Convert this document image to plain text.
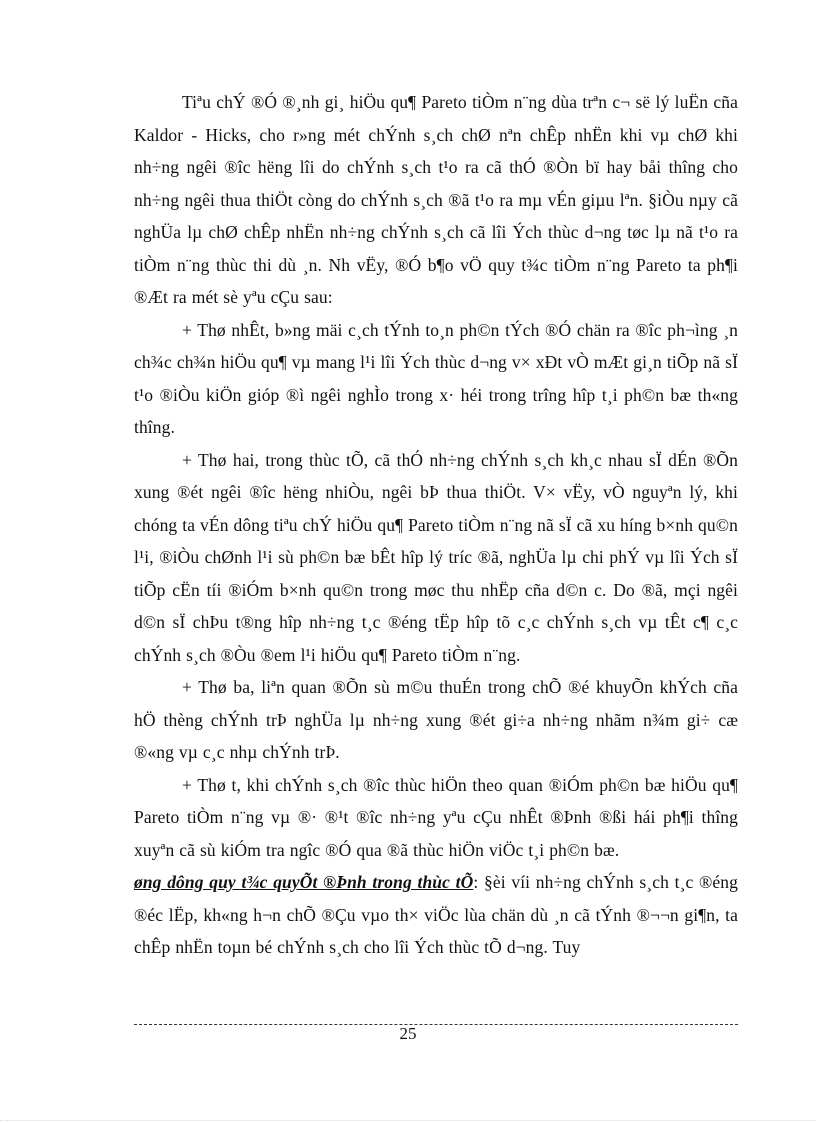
Tiªu chÝ ®Ó ®¸nh gi¸ hiÖu qu¶ Pareto tiÒm n¨ng dùa trªn c¬ së lý luËn cña Kaldor - Hicks, cho r»ng mét chÝnh s¸ch chØ nªn chÊp nhËn khi vµ chØ khi nh÷ng ngêi ®îc hëng lîi do chÝnh s¸ch t¹o ra cã thÓ ®Òn bï hay båi thîng cho nh÷ng ngêi thua thiÖt còng do chÝnh s¸ch ®ã t¹o ra mµ vÉn giµu lªn. §iÒu nµy cã nghÜa lµ chØ chÊp nhËn nh÷ng chÝnh s¸ch cã lîi Ých thùc d¬ng tøc lµ nã t¹o ra tiÒm n¨ng thùc thi dù ¸n. Nh vËy, ®Ó b¶o vÖ quy t¾c tiÒm n¨ng Pareto ta ph¶i ®Æt ra mét sè yªu cÇu sau:

+ Thø nhÊt, b»ng mäi c¸ch tÝnh to¸n ph©n tÝch ®Ó chän ra ®îc ph¬ìng ¸n ch¾c ch¾n hiÖu qu¶ vµ mang l¹i lîi Ých thùc d¬ng v× xÐt vÒ mÆt gi¸n tiÕp nã sÏ t¹o ®iÒu kiÖn gióp ®ì ngêi nghÌo trong x· héi trong trîng hîp t¸i ph©n bæ th«ng thîng.

+ Thø hai, trong thùc tÕ, cã thÓ nh÷ng chÝnh s¸ch kh¸c nhau sÏ dÉn ®Õn xung ®ét ngêi ®îc hëng nhiÒu, ngêi bÞ thua thiÖt. V× vËy, vÒ nguyªn lý, khi chóng ta vÉn dông tiªu chÝ hiÖu qu¶ Pareto tiÒm n¨ng nã sÏ cã xu híng b×nh qu©n l¹i, ®iÒu chØnh l¹i sù ph©n bæ bÊt hîp lý tríc ®ã, nghÜa lµ chi phÝ vµ lîi Ých sÏ tiÕp cËn tíi ®iÓm b×nh qu©n trong møc thu nhËp cña d©n c. Do ®ã, mçi ngêi d©n sÏ chÞu t®ng hîp nh÷ng t¸c ®éng tËp hîp tõ c¸c chÝnh s¸ch vµ tÊt c¶ c¸c chÝnh s¸ch ®Òu ®em l¹i hiÖu qu¶ Pareto tiÒm n¨ng.

+ Thø ba, liªn quan ®Õn sù m©u thuÉn trong chÕ ®é khuyÕn khÝch cña hÖ thèng chÝnh trÞ nghÜa lµ nh÷ng xung ®ét gi÷a nh÷ng nhãm n¾m gi÷ cæ ®«ng vµ c¸c nhµ chÝnh trÞ.

+ Thø t, khi chÝnh s¸ch ®îc thùc hiÖn theo quan ®iÓm ph©n bæ hiÖu qu¶ Pareto tiÒm n¨ng vµ ®· ®¹t ®îc nh÷ng yªu cÇu nhÊt ®Þnh ®ßi hái ph¶i thîng xuyªn cã sù kiÓm tra ngîc ®Ó qua ®ã thùc hiÖn viÖc t¸i ph©n bæ.

øng dông quy t¾c quyÕt ®Þnh trong thùc tÕ: §èi víi nh÷ng chÝnh s¸ch t¸c ®éng ®éc lËp, kh«ng h¬n chÕ ®Çu vµo th× viÖc lùa chän dù ¸n cã tÝnh ®¬¬n gi¶n, ta chÊp nhËn toµn bé chÝnh s¸ch cho lîi Ých thùc tÕ d¬ng. Tuy

25
